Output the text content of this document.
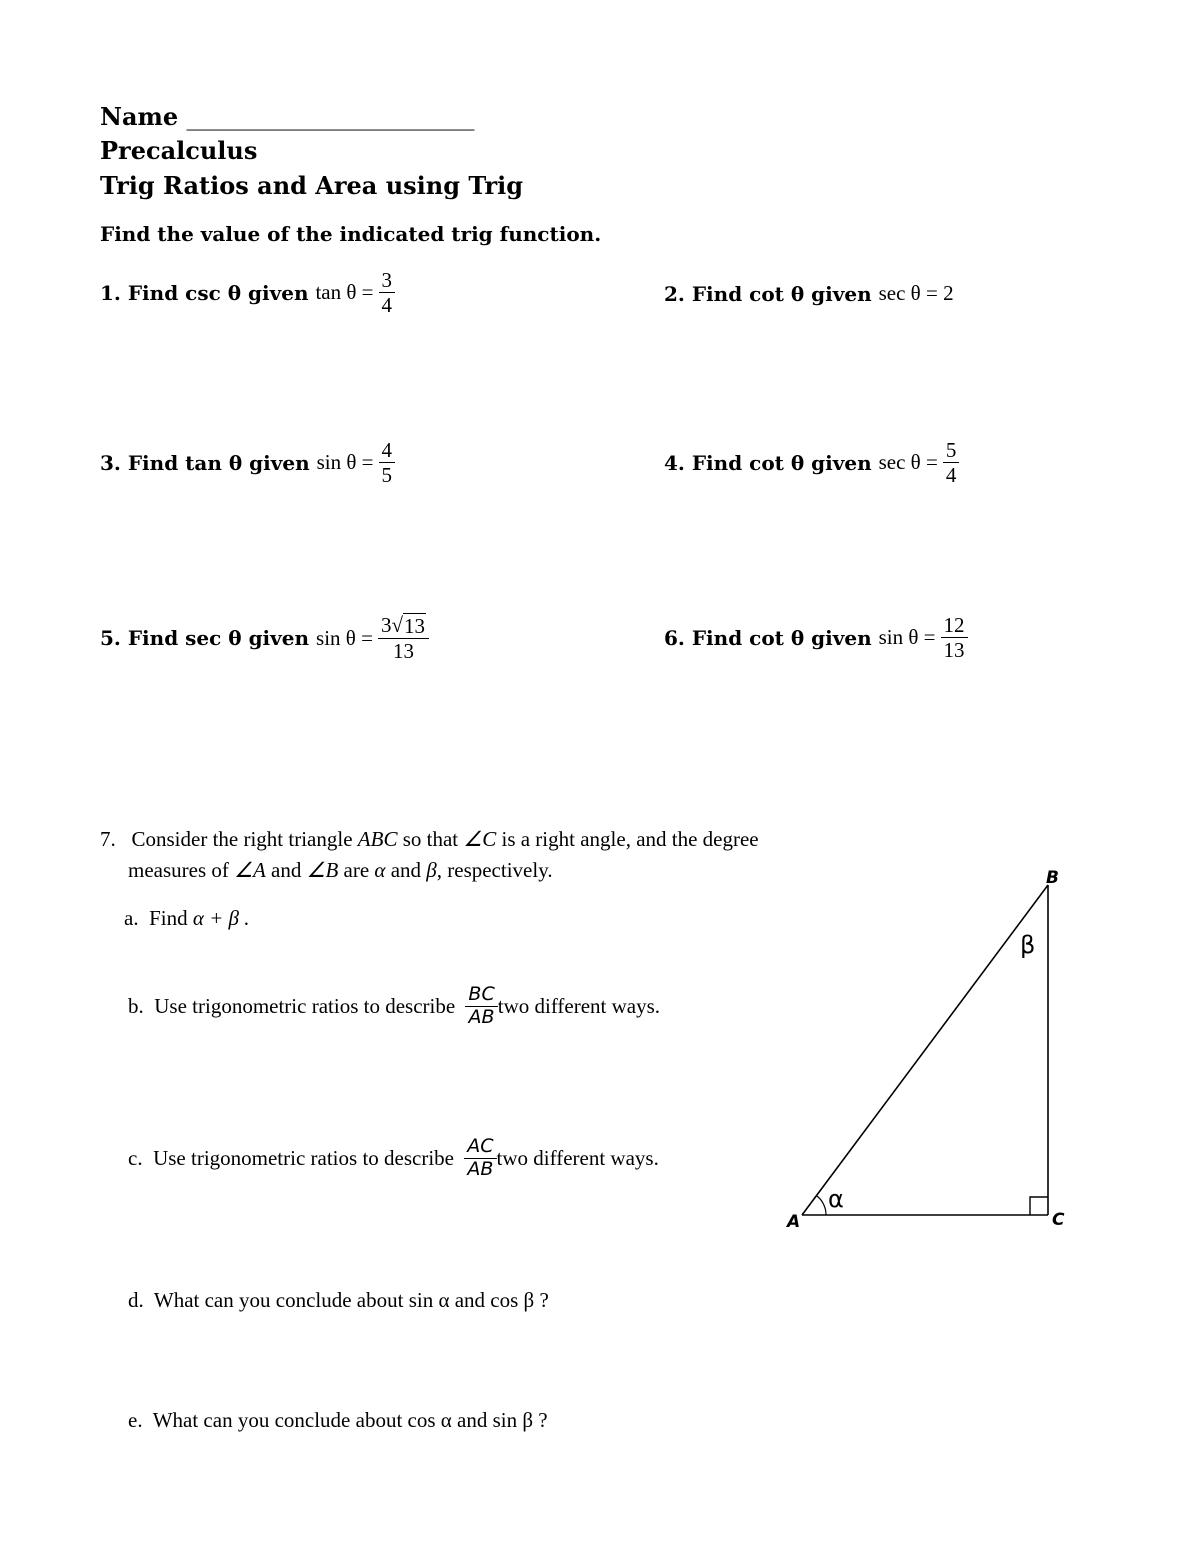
Name ________________________
Precalculus
Trig Ratios and Area using Trig
Find the value of the indicated trig function.
1.
Find csc θ given
$\tan \theta = \frac{3}{4}$	2.
Find cot θ given
sec θ = 2
3.
Find tan θ given
$\sin \theta = \frac{4}{5}$	4.
Find cot θ given
$\sec \theta = \frac{5}{4}$
5.
Find sec θ given
$\sin \theta = \frac{3 √ 13}{13}$	6.
Find cot θ given
$\sin \theta = \frac{12}{13}$
7. Consider the right triangle ABC so that ∠C is a right angle, and the degree
measures of ∠A and ∠B are α and β, respectively.
a. Find α + β .
b.
Use trigonometric ratios to describe
$\frac{BC}{AB}$ two different ways.
c.
Use trigonometric ratios to describe
$\frac{AC}{AB}$ two different ways.
d. What can you conclude about sin α and cos β ?
e. What can you conclude about cos α and sin β ?
A
B
C
α
β
